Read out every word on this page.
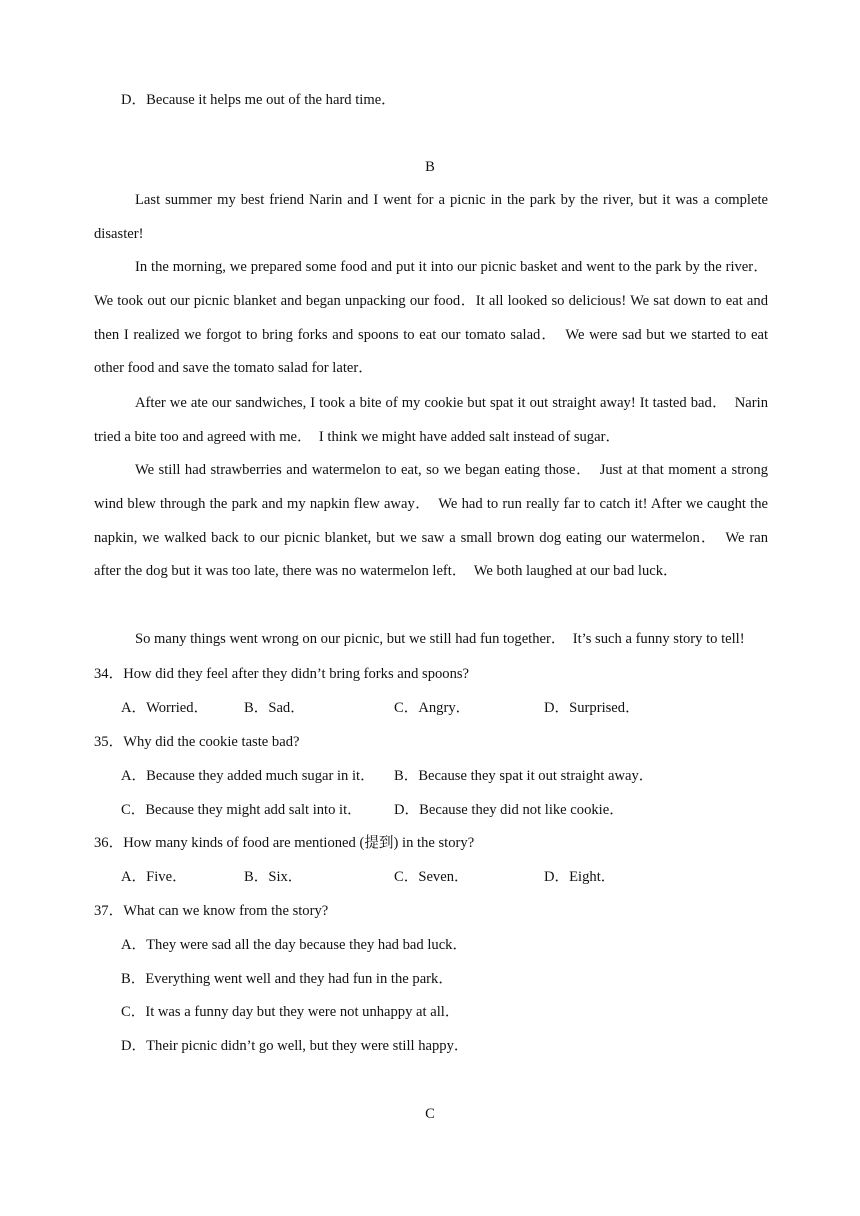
D．Because it helps me out of the hard time．
B
Last summer my best friend Narin and I went for a picnic in the park by the river, but it was a complete disaster!
In the morning, we prepared some food and put it into our picnic basket and went to the park by the river．We took out our picnic blanket and began unpacking our food．It all looked so delicious! We sat down to eat and then I realized we forgot to bring forks and spoons to eat our tomato salad．　We were sad but we started to eat other food and save the tomato salad for later．
After we ate our sandwiches, I took a bite of my cookie but spat it out straight away! It tasted bad．　Narin tried a bite too and agreed with me．　I think we might have added salt instead of sugar．
We still had strawberries and watermelon to eat, so we began eating those．　Just at that moment a strong wind blew through the park and my napkin flew away．　We had to run really far to catch it! After we caught the napkin, we walked back to our picnic blanket, but we saw a small brown dog eating our watermelon．　We ran after the dog but it was too late, there was no watermelon left．　We both laughed at our bad luck．
So many things went wrong on our picnic, but we still had fun together．　It’s such a funny story to tell!
34．How did they feel after they didn’t bring forks and spoons?
A．Worried． B．Sad．	C．Angry．	D．Surprised．
35．Why did the cookie taste bad?
A．Because they added much sugar in it． B．Because they spat it out straight away．
C．Because they might add salt into it． D．Because they did not like cookie．
36．How many kinds of food are mentioned (提到) in the story?
A．Five．	B．Six．	C．Seven．	D．Eight．
37．What can we know from the story?
A．They were sad all the day because they had bad luck．
B．Everything went well and they had fun in the park．
C．It was a funny day but they were not unhappy at all．
D．Their picnic didn’t go well, but they were still happy．
C
